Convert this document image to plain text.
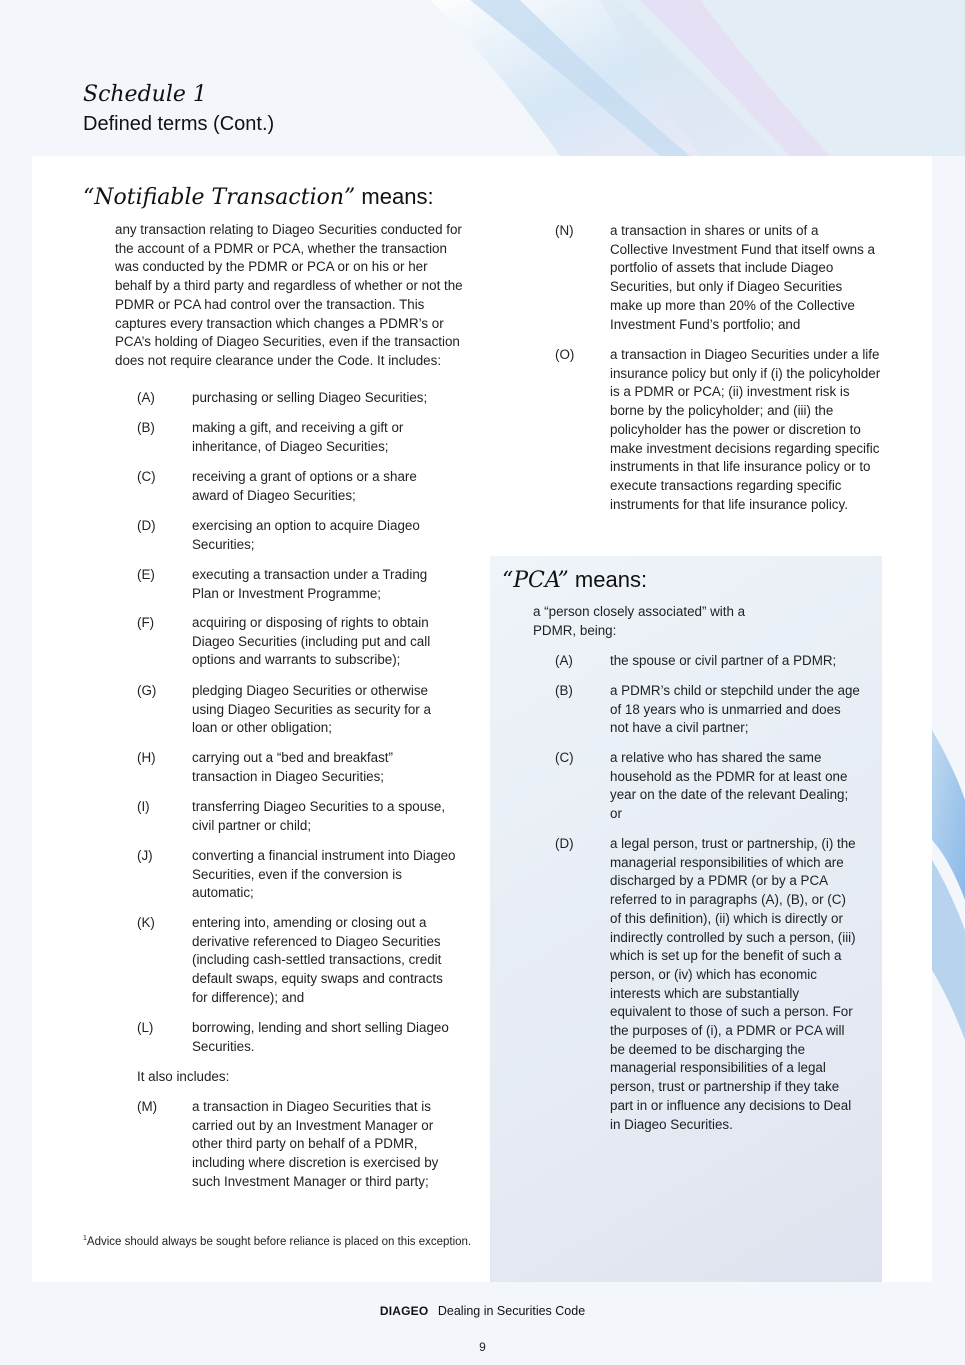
Schedule 1
Defined terms (Cont.)
“Notifiable Transaction” means:
any transaction relating to Diageo Securities conducted for the account of a PDMR or PCA, whether the transaction was conducted by the PDMR or PCA or on his or her behalf by a third party and regardless of whether or not the PDMR or PCA had control over the transaction. This captures every transaction which changes a PDMR’s or PCA’s holding of Diageo Securities, even if the transaction does not require clearance under the Code. It includes:
(A)	purchasing or selling Diageo Securities;
(B)	making a gift, and receiving a gift or inheritance, of Diageo Securities;
(C)	receiving a grant of options or a share award of Diageo Securities;
(D)	exercising an option to acquire Diageo Securities;
(E)	executing a transaction under a Trading Plan or Investment Programme;
(F)	acquiring or disposing of rights to obtain Diageo Securities (including put and call options and warrants to subscribe);
(G)	pledging Diageo Securities or otherwise using Diageo Securities as security for a loan or other obligation;
(H)	carrying out a “bed and breakfast” transaction in Diageo Securities;
(I)	transferring Diageo Securities to a spouse, civil partner or child;
(J)	converting a financial instrument into Diageo Securities, even if the conversion is automatic;
(K)	entering into, amending or closing out a derivative referenced to Diageo Securities (including cash-settled transactions, credit default swaps, equity swaps and contracts for difference); and
(L)	borrowing, lending and short selling Diageo Securities.
It also includes:
(M)	a transaction in Diageo Securities that is carried out by an Investment Manager or other third party on behalf of a PDMR, including where discretion is exercised by such Investment Manager or third party;
(N)	a transaction in shares or units of a Collective Investment Fund that itself owns a portfolio of assets that include Diageo Securities, but only if Diageo Securities make up more than 20% of the Collective Investment Fund’s portfolio; and
(O)	a transaction in Diageo Securities under a life insurance policy but only if (i) the policyholder is a PDMR or PCA; (ii) investment risk is borne by the policyholder; and (iii) the policyholder has the power or discretion to make investment decisions regarding specific instruments in that life insurance policy or to execute transactions regarding specific instruments for that life insurance policy.
“PCA” means:
a “person closely associated” with a PDMR, being:
(A)	the spouse or civil partner of a PDMR;
(B)	a PDMR’s child or stepchild under the age of 18 years who is unmarried and does not have a civil partner;
(C)	a relative who has shared the same household as the PDMR for at least one year on the date of the relevant Dealing; or
(D)	a legal person, trust or partnership, (i) the managerial responsibilities of which are discharged by a PDMR (or by a PCA referred to in paragraphs (A), (B), or (C) of this definition), (ii) which is directly or indirectly controlled by such a person, (iii) which is set up for the benefit of such a person, or (iv) which has economic interests which are substantially equivalent to those of such a person. For the purposes of (i), a PDMR or PCA will be deemed to be discharging the managerial responsibilities of a legal person, trust or partnership if they take part in or influence any decisions to Deal in Diageo Securities.
$^1$Advice should always be sought before reliance is placed on this exception.
DIAGEO Dealing in Securities Code
9
